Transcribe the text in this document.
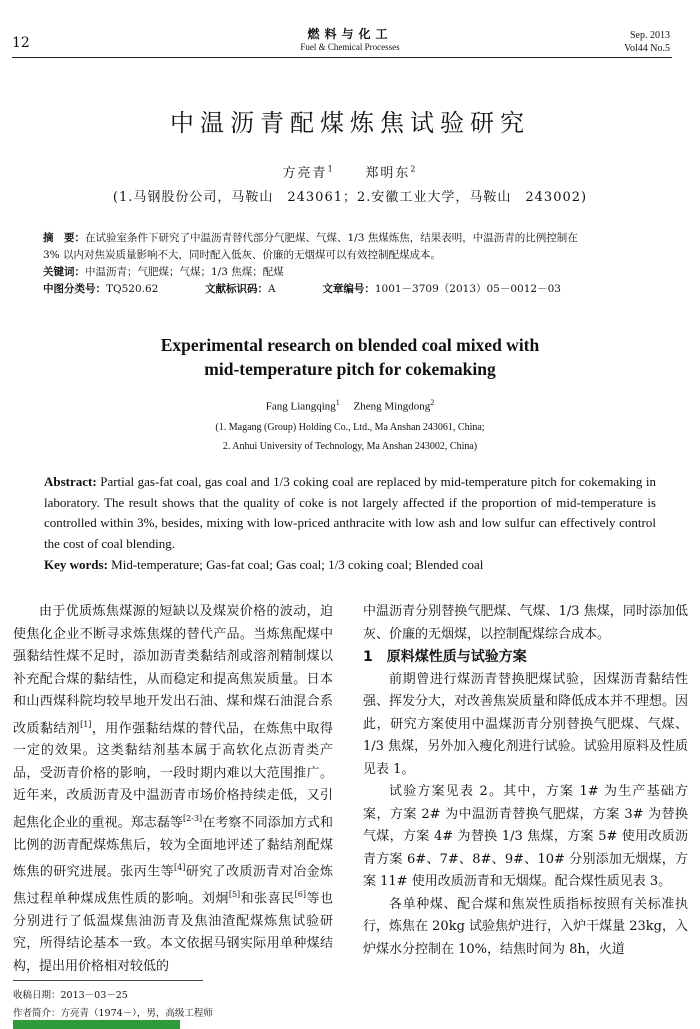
12
燃料与化工
Fuel & Chemical Processes
Sep. 2013
Vol44 No.5
中温沥青配煤炼焦试验研究
方亮青$^1$ 郑明东$^2$
(1.马钢股份公司，马鞍山　243061；2.安徽工业大学，马鞍山　243002)
摘　要：在试验室条件下研究了中温沥青替代部分气肥煤、气煤、1/3 焦煤炼焦，结果表明，中温沥青的比例控制在
3% 以内对焦炭质量影响不大，同时配入低灰、价廉的无烟煤可以有效控制配煤成本。
关键词：中温沥青；气肥煤；气煤；1/3 焦煤；配煤
中图分类号：TQ520.62	文献标识码：A	文章编号：1001－3709（2013）05－0012－03
Experimental research on blended coal mixed with
mid-temperature pitch for cokemaking
Fang Liangqing$^1$ Zheng Mingdong$^2$
(1. Magang (Group) Holding Co., Ltd., Ma Anshan 243061, China;
2. Anhui University of Technology, Ma Anshan 243002, China)
Abstract: Partial gas-fat coal, gas coal and 1/3 coking coal are replaced by mid-temperature pitch for cokemaking in laboratory. The result shows that the quality of coke is not largely affected if the proportion of mid-temperature is controlled within 3%, besides, mixing with low-priced anthracite with low ash and low sulfur can effectively control the cost of coal blending.
Key words: Mid-temperature; Gas-fat coal; Gas coal; 1/3 coking coal; Blended coal

由于优质炼焦煤源的短缺以及煤炭价格的波动，迫使焦化企业不断寻求炼焦煤的替代产品。当炼焦配煤中强黏结性煤不足时，添加沥青类黏结剂或溶剂精制煤以补充配合煤的黏结性，从而稳定和提高焦炭质量。日本和山西煤科院均较早地开发出石油、煤和煤石油混合系改质黏结剂[1]，用作强黏结煤的替代品，在炼焦中取得一定的效果。这类黏结剂基本属于高软化点沥青类产品，受沥青价格的影响，一段时期内难以大范围推广。近年来，改质沥青及中温沥青市场价格持续走低，又引起焦化企业的重视。郑志磊等[2-3]在考察不同添加方式和比例的沥青配煤炼焦后，较为全面地评述了黏结剂配煤炼焦的研究进展。张丙生等[4]研究了改质沥青对冶金炼焦过程单种煤成焦性质的影响。刘炯[5]和张喜民[6]等也分别进行了低温煤焦油沥青及焦油渣配煤炼焦试验研究，所得结论基本一致。本文依据马钢实际用单种煤结构，提出用价格相对较低的

中温沥青分别替换气肥煤、气煤、1/3 焦煤，同时添加低灰、价廉的无烟煤，以控制配煤综合成本。

1　原料煤性质与试验方案

前期曾进行煤沥青替换肥煤试验，因煤沥青黏结性强、挥发分大，对改善焦炭质量和降低成本并不理想。因此，研究方案使用中温煤沥青分别替换气肥煤、气煤、1/3 焦煤，另外加入瘦化剂进行试验。试验用原料及性质见表 1。

试验方案见表 2。其中，方案 1# 为生产基础方案，方案 2# 为中温沥青替换气肥煤，方案 3# 为替换气煤，方案 4# 为替换 1/3 焦煤，方案 5# 使用改质沥青方案 6#、7#、8#、9#、10# 分别添加无烟煤，方案 11# 使用改质沥青和无烟煤。配合煤性质见表 3。

各单种煤、配合煤和焦炭性质指标按照有关标准执行，炼焦在 20kg 试验焦炉进行，入炉干煤量 23kg，入炉煤水分控制在 10%，结焦时间为 8h，火道

收稿日期：2013－03－25
作者简介：方亮青（1974－），男，高级工程师
